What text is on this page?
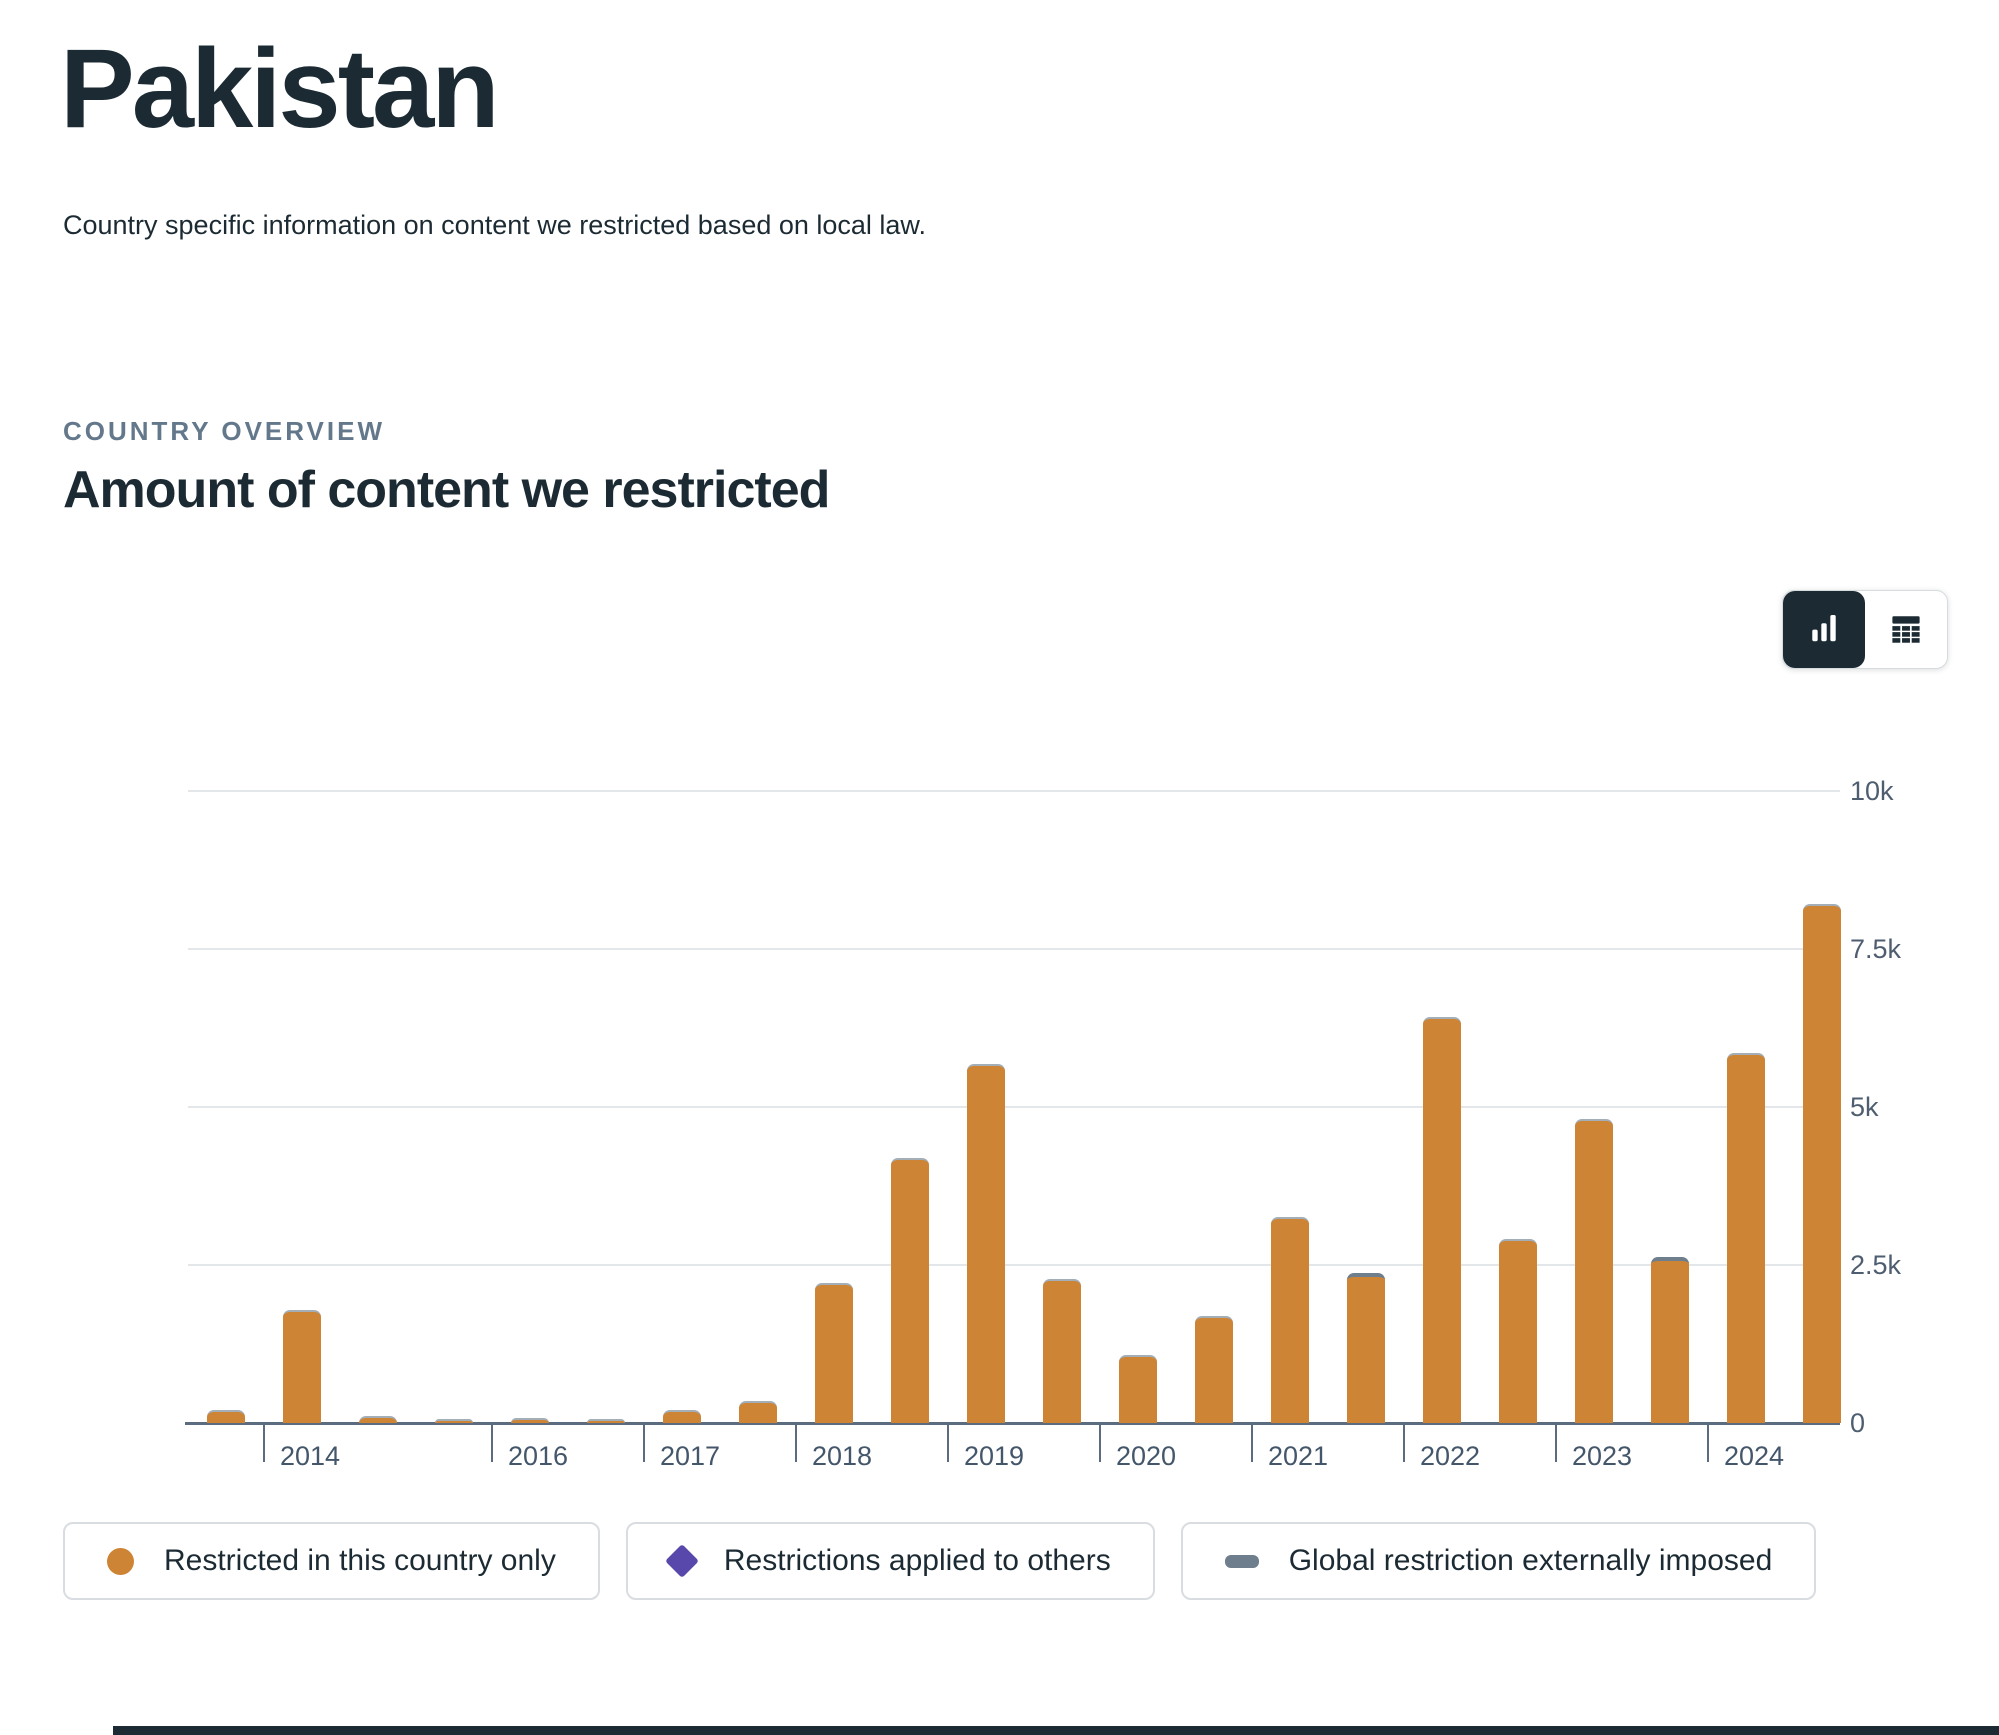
Pakistan

Country specific information on content we restricted based on local law.

COUNTRY OVERVIEW
Amount of content we restricted
0
2.5k
5k
7.5k
10k
2014	2016	2017	2018	2019	2020	2021	2022	2023	2024
Restricted in this country only	Restrictions applied to others	Global restriction externally imposed
